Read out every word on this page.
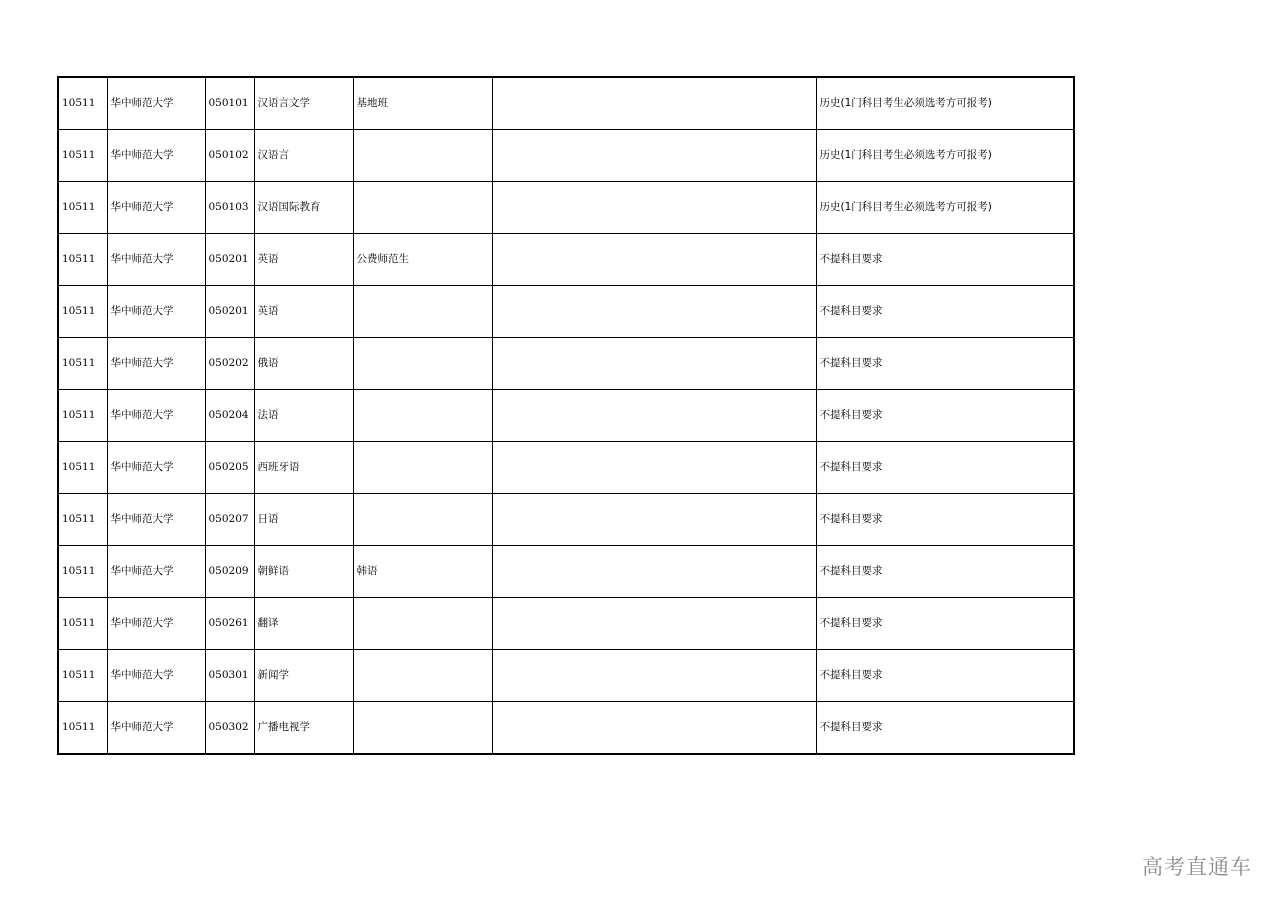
10511	华中师范大学	050101	汉语言文学	基地班		历史(1门科目考生必须选考方可报考)
10511	华中师范大学	050102	汉语言			历史(1门科目考生必须选考方可报考)
10511	华中师范大学	050103	汉语国际教育			历史(1门科目考生必须选考方可报考)
10511	华中师范大学	050201	英语	公费师范生		不提科目要求
10511	华中师范大学	050201	英语			不提科目要求
10511	华中师范大学	050202	俄语			不提科目要求
10511	华中师范大学	050204	法语			不提科目要求
10511	华中师范大学	050205	西班牙语			不提科目要求
10511	华中师范大学	050207	日语			不提科目要求
10511	华中师范大学	050209	朝鲜语	韩语		不提科目要求
10511	华中师范大学	050261	翻译			不提科目要求
10511	华中师范大学	050301	新闻学			不提科目要求
10511	华中师范大学	050302	广播电视学			不提科目要求
高考直通车
